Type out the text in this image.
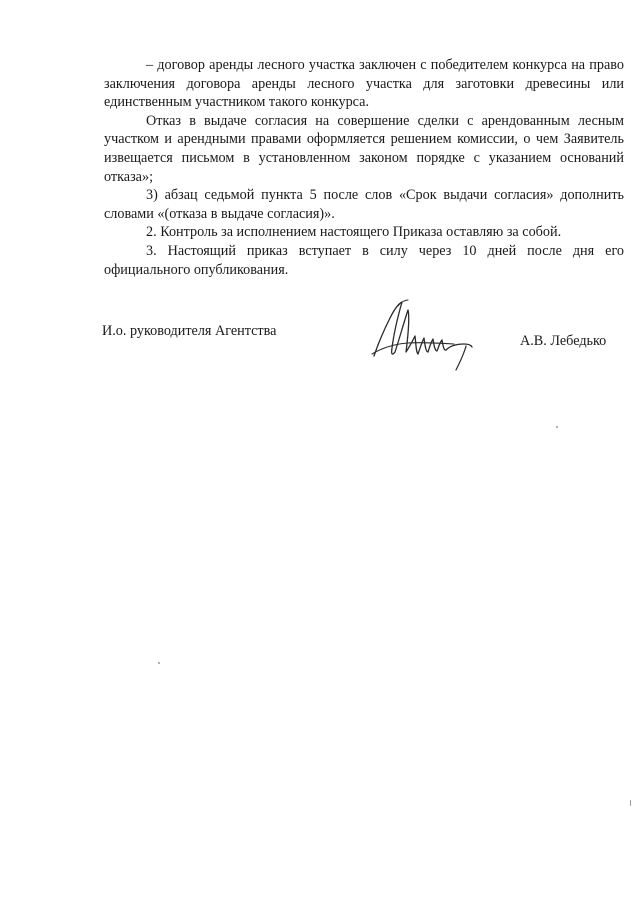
– договор аренды лесного участка заключен с победителем конкурса на право заключения договора аренды лесного участка для заготовки древесины или единственным участником такого конкурса.

Отказ в выдаче согласия на совершение сделки с арендованным лесным участком и арендными правами оформляется решением комиссии, о чем Заявитель извещается письмом в установленном законом порядке с указанием оснований отказа»;

3) абзац седьмой пункта 5 после слов «Срок выдачи согласия» дополнить словами «(отказа в выдаче согласия)».

2. Контроль за исполнением настоящего Приказа оставляю за собой.

3. Настоящий приказ вступает в силу через 10 дней после дня его официального опубликования.

И.о. руководителя Агентства
А.В. Лебедько
